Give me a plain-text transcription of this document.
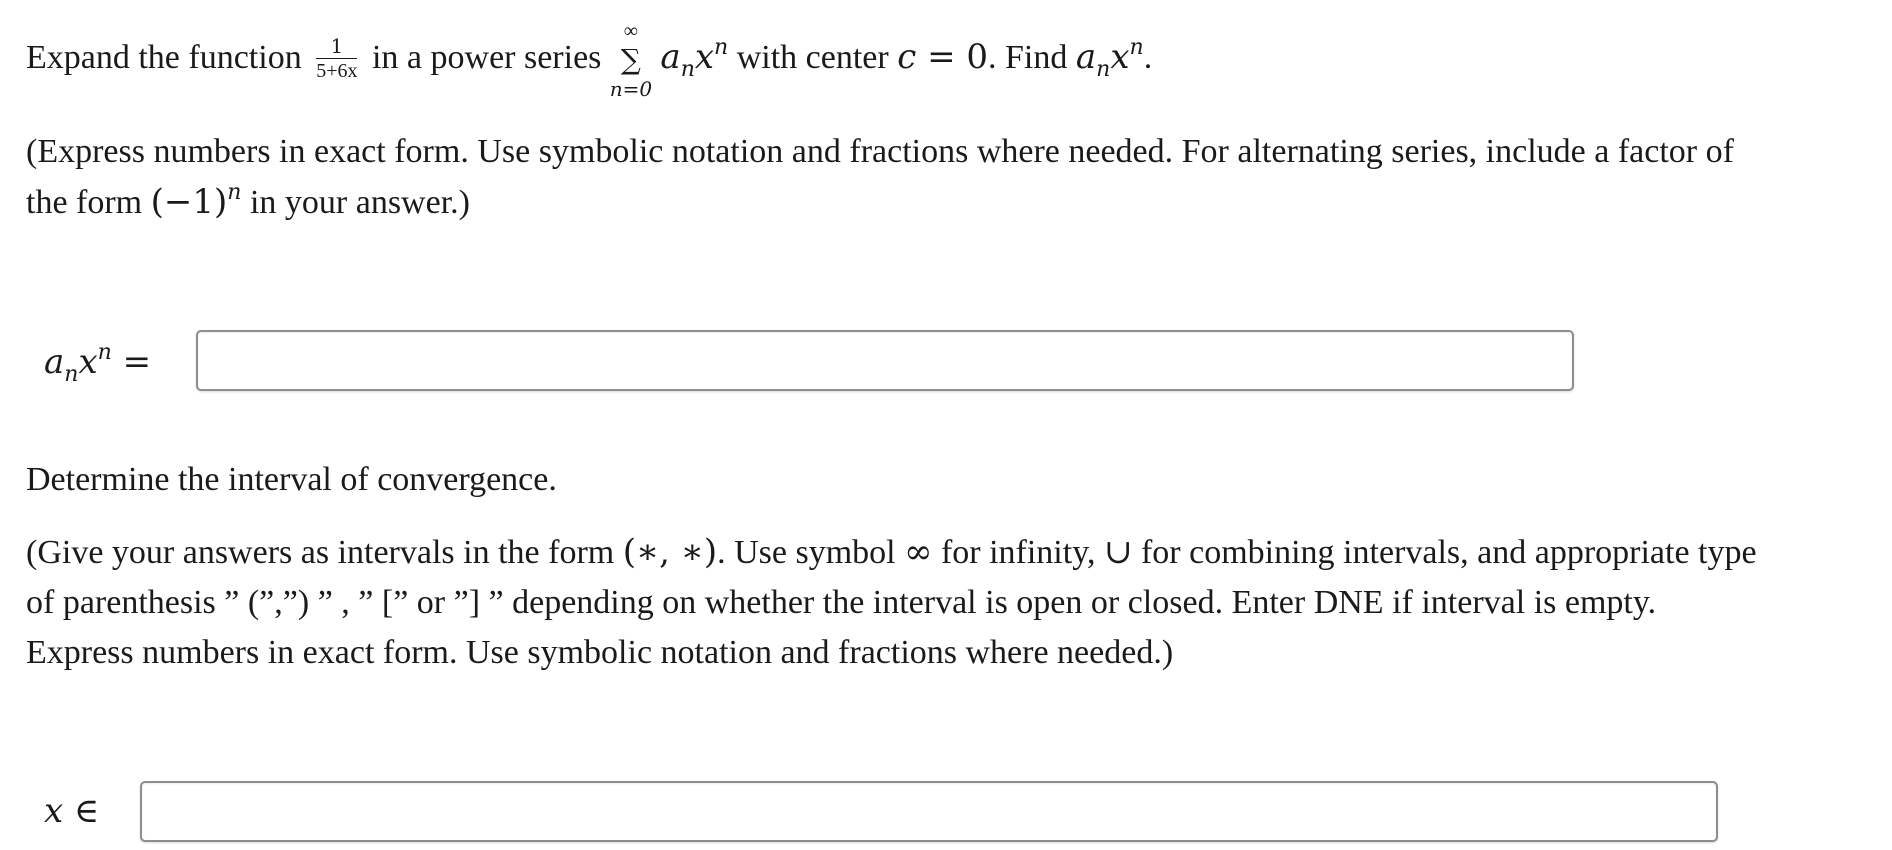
Expand the function $\frac{1}{5+6x}$ in a power series
∞
∑
n=0
$a_nx^n$ with center c = 0. Find $a_nx^n$.
(Express numbers in exact form. Use symbolic notation and fractions where needed. For alternating series, include a factor of
the form $(-1)^n$ in your answer.)
$a_nx^n$ =
Determine the interval of convergence.
(Give your answers as intervals in the form (∗, ∗). Use symbol ∞ for infinity, ∪ for combining intervals, and appropriate type
of parenthesis ” (”,”) ” , ” [” or ”] ” depending on whether the interval is open or closed. Enter DNE if interval is empty.
Express numbers in exact form. Use symbolic notation and fractions where needed.)
x ∈
